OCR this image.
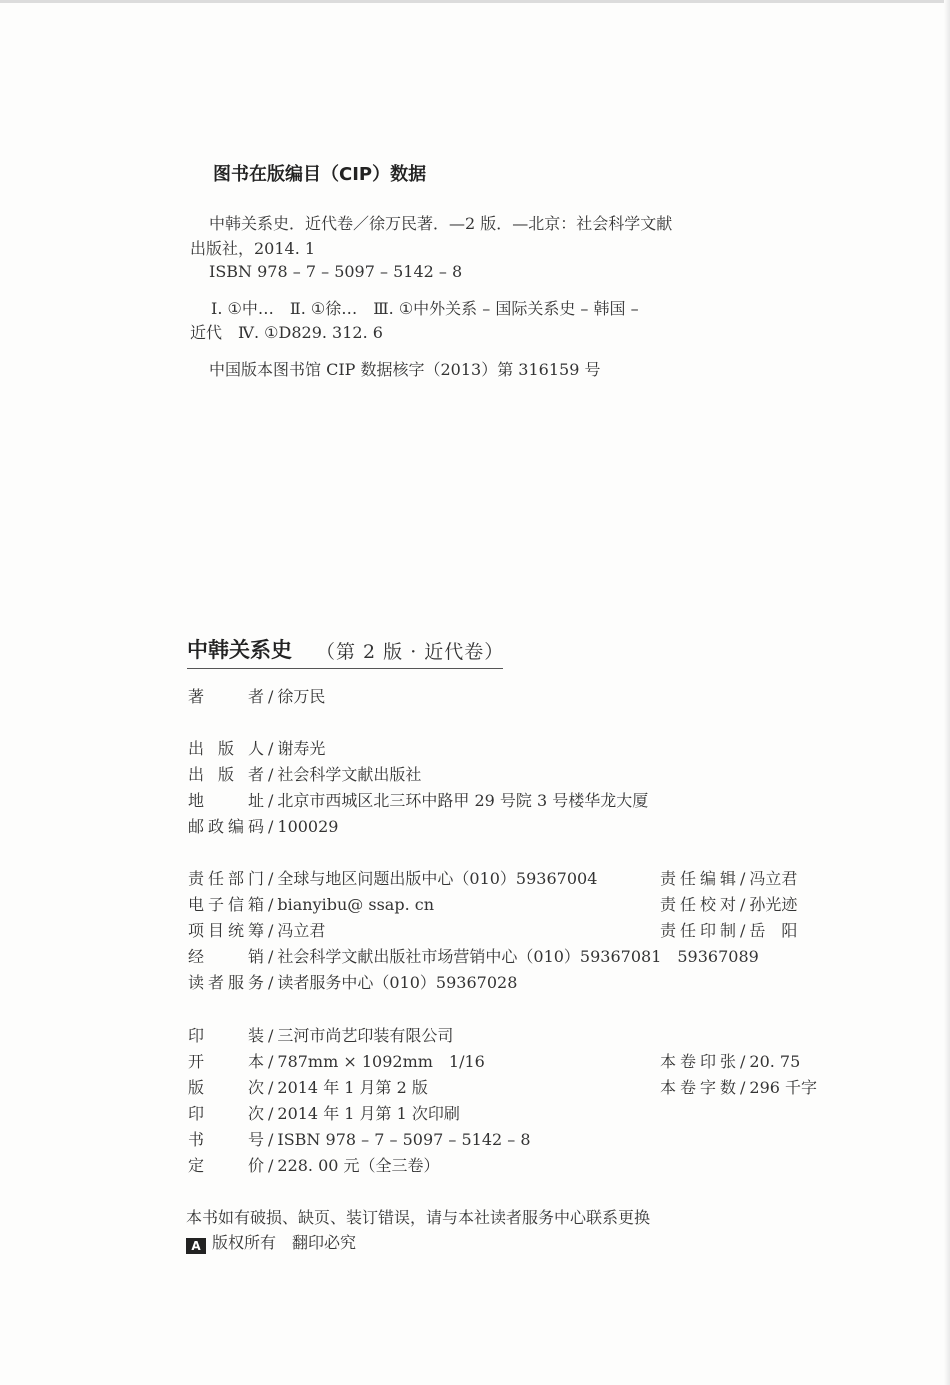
图书在版编目（CIP）数据
中韩关系史．近代卷／徐万民著．—2 版．—北京：社会科学文献
出版社，2014. 1
ISBN 978 – 7 – 5097 – 5142 – 8
Ⅰ. ①中…　Ⅱ. ①徐…　Ⅲ. ①中外关系 – 国际关系史 – 韩国 –
近代　Ⅳ. ①D829. 312. 6
中国版本图书馆 CIP 数据核字（2013）第 316159 号
中韩关系史 （第 2 版 · 近代卷）
著　　者 / 徐万民
出 版 人 / 谢寿光
出 版 者 / 社会科学文献出版社
地　　址 / 北京市西城区北三环中路甲 29 号院 3 号楼华龙大厦
邮政编码 / 100029
责任部门 / 全球与地区问题出版中心（010）59367004
电子信箱 / bianyibu@ ssap. cn
项目统筹 / 冯立君
经　　销 / 社会科学文献出版社市场营销中心（010）59367081　59367089
读者服务 / 读者服务中心（010）59367028
责任编辑 / 冯立君
责任校对 / 孙光迹
责任印制 / 岳　阳
印　　装 / 三河市尚艺印装有限公司
开　　本 / 787mm × 1092mm　1/16
版　　次 / 2014 年 1 月第 2 版
印　　次 / 2014 年 1 月第 1 次印刷
书　　号 / ISBN 978 – 7 – 5097 – 5142 – 8
定　　价 / 228. 00 元（全三卷）
本卷印张 / 20. 75
本卷字数 / 296 千字
本书如有破损、缺页、装订错误，请与本社读者服务中心联系更换
A 版权所有　翻印必究
